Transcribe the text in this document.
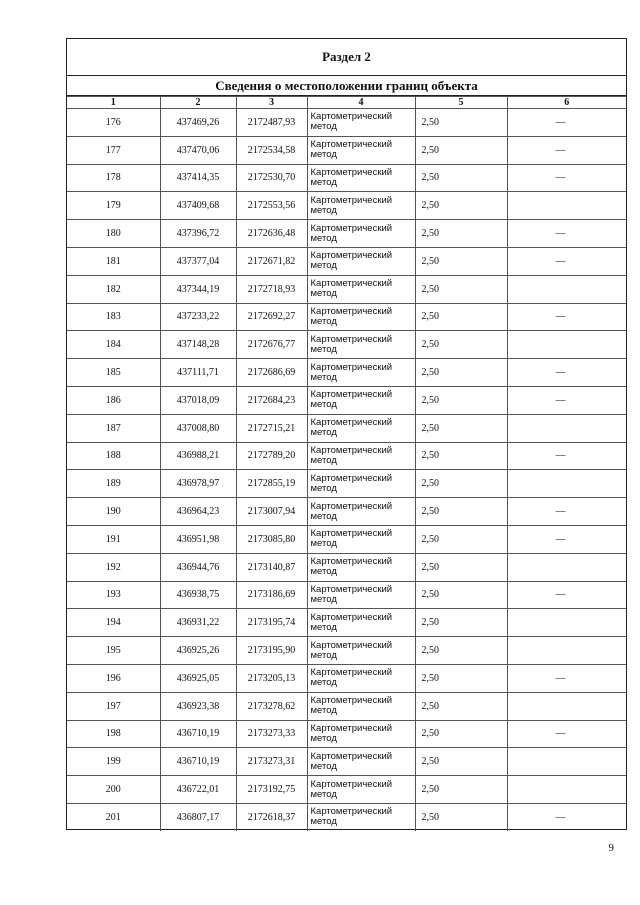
Раздел 2
Сведения о местоположении границ объекта
1	2	3	4	5	6
176	437469,26	2172487,93	Картометрический метод	2,50	—
177	437470,06	2172534,58	Картометрический метод	2,50	—
178	437414,35	2172530,70	Картометрический метод	2,50	—
179	437409,68	2172553,56	Картометрический метод	2,50	
180	437396,72	2172636,48	Картометрический метод	2,50	—
181	437377,04	2172671,82	Картометрический метод	2,50	—
182	437344,19	2172718,93	Картометрический метод	2,50	
183	437233,22	2172692,27	Картометрический метод	2,50	—
184	437148,28	2172676,77	Картометрический метод	2,50	
185	437111,71	2172686,69	Картометрический метод	2,50	—
186	437018,09	2172684,23	Картометрический метод	2,50	—
187	437008,80	2172715,21	Картометрический метод	2,50	
188	436988,21	2172789,20	Картометрический метод	2,50	—
189	436978,97	2172855,19	Картометрический метод	2,50	
190	436964,23	2173007,94	Картометрический метод	2,50	—
191	436951,98	2173085,80	Картометрический метод	2,50	—
192	436944,76	2173140,87	Картометрический метод	2,50	
193	436938,75	2173186,69	Картометрический метод	2,50	—
194	436931,22	2173195,74	Картометрический метод	2,50	
195	436925,26	2173195,90	Картометрический метод	2,50	
196	436925,05	2173205,13	Картометрический метод	2,50	—
197	436923,38	2173278,62	Картометрический метод	2,50	
198	436710,19	2173273,33	Картометрический метод	2,50	—
199	436710,19	2173273,31	Картометрический метод	2,50	
200	436722,01	2173192,75	Картометрический метод	2,50	
201	436807,17	2172618,37	Картометрический метод	2,50	—
9
